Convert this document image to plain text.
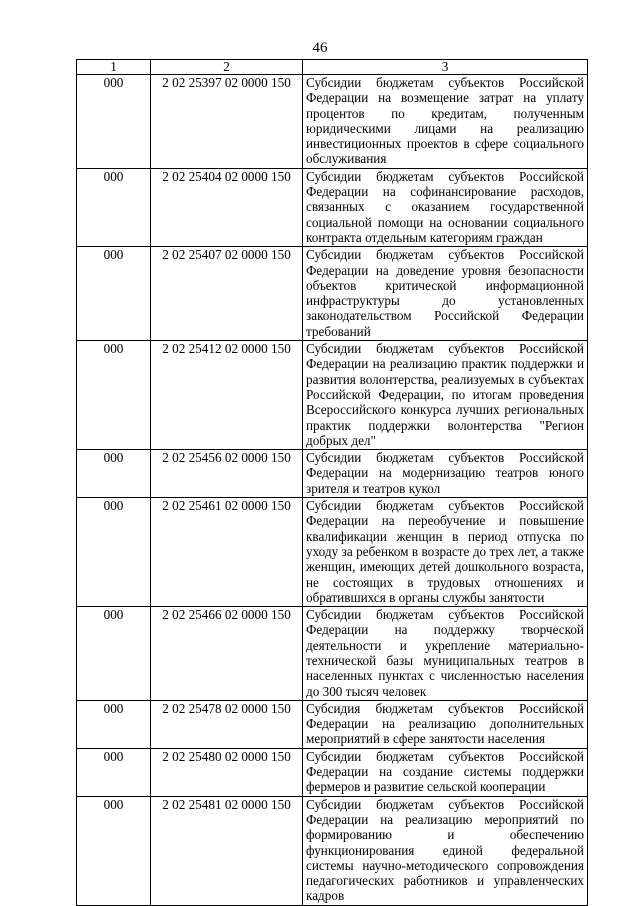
46
1	2	3
000	2 02 25397 02 0000 150	Субсидии бюджетам субъектов Российской Федерации на возмещение затрат на уплату процентов по кредитам, полученным юридическими лицами на реализацию инвестиционных проектов в сфере социального обслуживания
000	2 02 25404 02 0000 150	Субсидии бюджетам субъектов Российской Федерации на софинансирование расходов, связанных с оказанием государственной социальной помощи на основании социального контракта отдельным категориям граждан
000	2 02 25407 02 0000 150	Субсидии бюджетам субъектов Российской Федерации на доведение уровня безопасности объектов критической информационной инфраструктуры до установленных законодательством Российской Федерации требований
000	2 02 25412 02 0000 150	Субсидии бюджетам субъектов Российской Федерации на реализацию практик поддержки и развития волонтерства, реализуемых в субъектах Российской Федерации, по итогам проведения Всероссийского конкурса лучших региональных практик поддержки волонтерства "Регион добрых дел"
000	2 02 25456 02 0000 150	Субсидии бюджетам субъектов Российской Федерации на модернизацию театров юного зрителя и театров кукол
000	2 02 25461 02 0000 150	Субсидии бюджетам субъектов Российской Федерации на переобучение и повышение квалификации женщин в период отпуска по уходу за ребенком в возрасте до трех лет, а также женщин, имеющих детей дошкольного возраста, не состоящих в трудовых отношениях и обратившихся в органы службы занятости
000	2 02 25466 02 0000 150	Субсидии бюджетам субъектов Российской Федерации на поддержку творческой деятельности и укрепление материально-технической базы муниципальных театров в населенных пунктах с численностью населения до 300 тысяч человек
000	2 02 25478 02 0000 150	Субсидия бюджетам субъектов Российской Федерации на реализацию дополнительных мероприятий в сфере занятости населения
000	2 02 25480 02 0000 150	Субсидии бюджетам субъектов Российской Федерации на создание системы поддержки фермеров и развитие сельской кооперации
000	2 02 25481 02 0000 150	Субсидии бюджетам субъектов Российской Федерации на реализацию мероприятий по формированию и обеспечению функционирования единой федеральной системы научно-методического сопровождения педагогических работников и управленческих кадров
